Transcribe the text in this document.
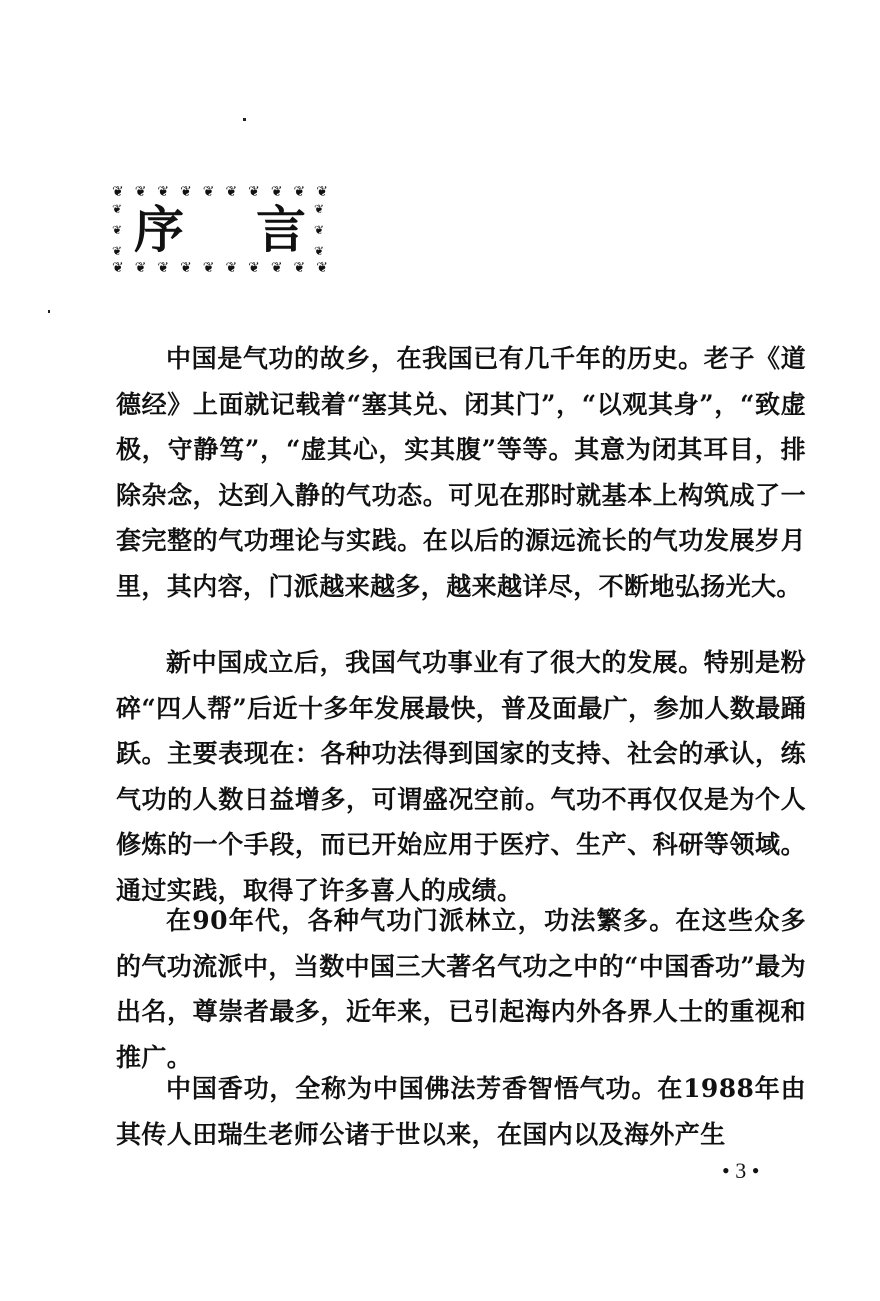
❦ ❦ ❦ ❦ ❦ ❦ ❦ ❦ ❦ ❦
❦
❦
❦ 序 言 ❦
❦
❦
❦ ❦ ❦ ❦ ❦ ❦ ❦ ❦ ❦ ❦

中国是气功的故乡，在我国已有几千年的历史。老子《道德经》上面就记载着“塞其兑、闭其门”，“以观其身”，“致虚极，守静笃”，“虚其心，实其腹”等等。其意为闭其耳目，排除杂念，达到入静的气功态。可见在那时就基本上构筑成了一套完整的气功理论与实践。在以后的源远流长的气功发展岁月里，其内容，门派越来越多，越来越详尽，不断地弘扬光大。

新中国成立后，我国气功事业有了很大的发展。特别是粉碎“四人帮”后近十多年发展最快，普及面最广，参加人数最踊跃。主要表现在：各种功法得到国家的支持、社会的承认，练气功的人数日益增多，可谓盛况空前。气功不再仅仅是为个人修炼的一个手段，而已开始应用于医疗、生产、科研等领域。通过实践，取得了许多喜人的成绩。

在90年代，各种气功门派林立，功法繁多。在这些众多的气功流派中，当数中国三大著名气功之中的“中国香功”最为出名，尊崇者最多，近年来，已引起海内外各界人士的重视和推广。

中国香功，全称为中国佛法芳香智悟气功。在1988年由其传人田瑞生老师公诸于世以来，在国内以及海外产生

• 3 •
